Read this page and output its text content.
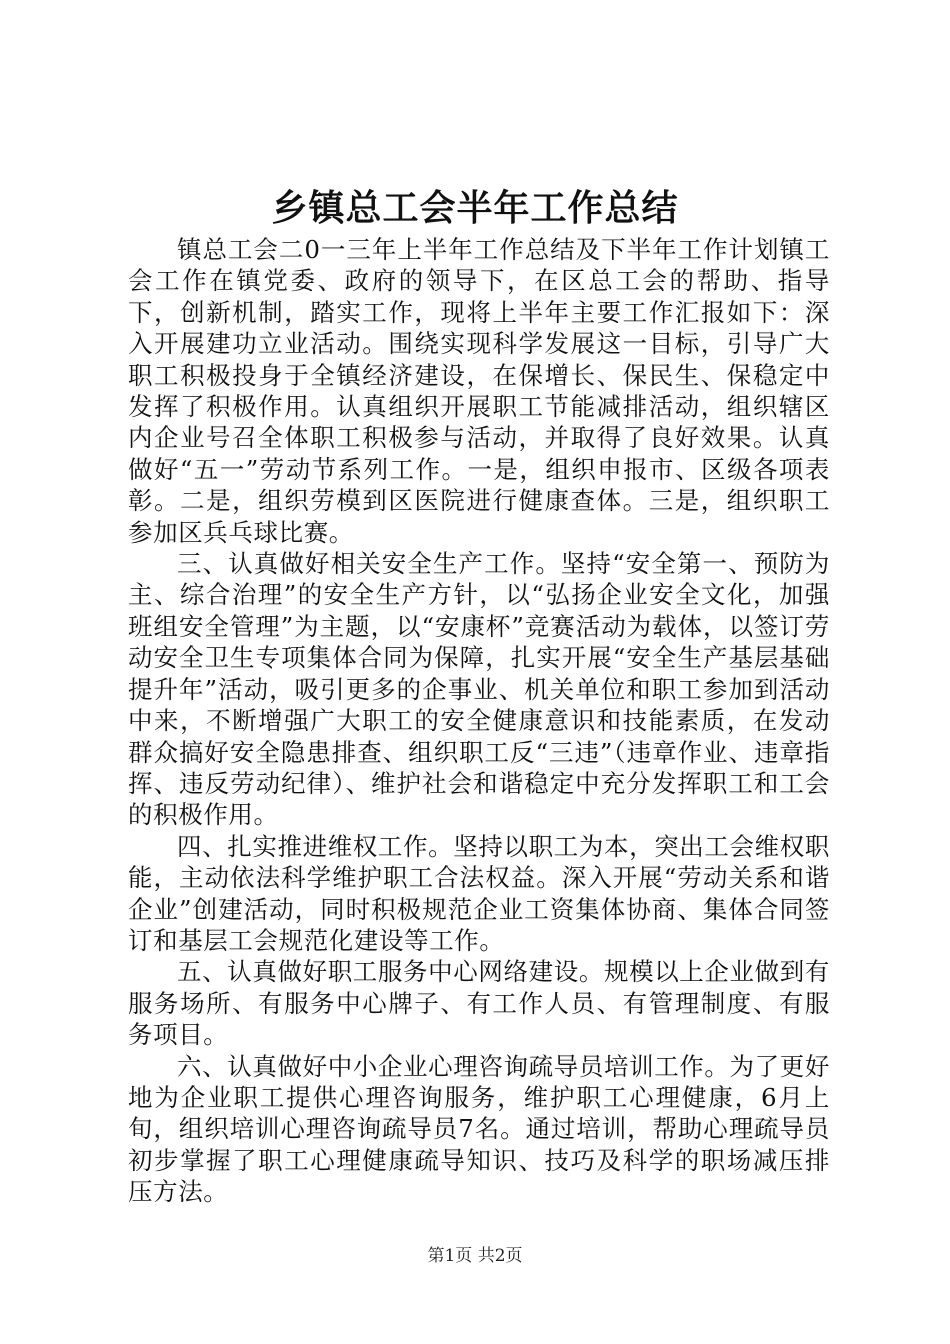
乡镇总工会半年工作总结

镇总工会二0一三年上半年工作总结及下半年工作计划镇工会工作在镇党委、政府的领导下，在区总工会的帮助、指导下，创新机制，踏实工作，现将上半年主要工作汇报如下：深入开展建功立业活动。围绕实现科学发展这一目标，引导广大职工积极投身于全镇经济建设，在保增长、保民生、保稳定中发挥了积极作用。认真组织开展职工节能减排活动，组织辖区内企业号召全体职工积极参与活动，并取得了良好效果。认真做好“五一”劳动节系列工作。一是，组织申报市、区级各项表彰。二是，组织劳模到区医院进行健康查体。三是，组织职工参加区兵乓球比赛。

三、认真做好相关安全生产工作。坚持“安全第一、预防为主、综合治理”的安全生产方针，以“弘扬企业安全文化，加强班组安全管理”为主题，以“安康杯”竞赛活动为载体，以签订劳动安全卫生专项集体合同为保障，扎实开展“安全生产基层基础提升年”活动，吸引更多的企事业、机关单位和职工参加到活动中来，不断增强广大职工的安全健康意识和技能素质，在发动群众搞好安全隐患排查、组织职工反“三违”（违章作业、违章指挥、违反劳动纪律）、维护社会和谐稳定中充分发挥职工和工会的积极作用。

四、扎实推进维权工作。坚持以职工为本，突出工会维权职能，主动依法科学维护职工合法权益。深入开展“劳动关系和谐企业”创建活动，同时积极规范企业工资集体协商、集体合同签订和基层工会规范化建设等工作。

五、认真做好职工服务中心网络建设。规模以上企业做到有服务场所、有服务中心牌子、有工作人员、有管理制度、有服务项目。

六、认真做好中小企业心理咨询疏导员培训工作。为了更好地为企业职工提供心理咨询服务，维护职工心理健康，6月上旬，组织培训心理咨询疏导员7名。通过培训，帮助心理疏导员初步掌握了职工心理健康疏导知识、技巧及科学的职场减压排压方法。

第1页 共2页
